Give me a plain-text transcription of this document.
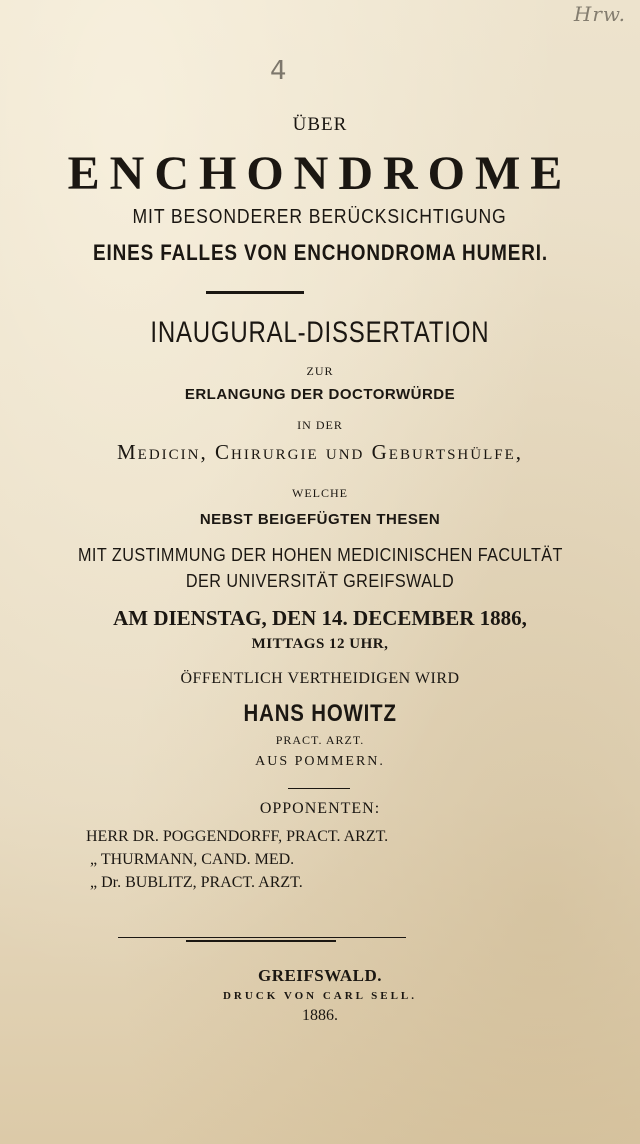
Hrw.
4
ÜBER
ENCHONDROME
MIT BESONDERER BERÜCKSICHTIGUNG
EINES FALLES VON ENCHONDROMA HUMERI.
INAUGURAL-DISSERTATION
ZUR
ERLANGUNG DER DOCTORWÜRDE
IN DER
Medicin, Chirurgie und Geburtshülfe,
WELCHE
NEBST BEIGEFÜGTEN THESEN
MIT ZUSTIMMUNG DER HOHEN MEDICINISCHEN FACULTÄT
DER UNIVERSITÄT GREIFSWALD
AM DIENSTAG, DEN 14. DECEMBER 1886,
MITTAGS 12 UHR,
ÖFFENTLICH VERTHEIDIGEN WIRD
HANS HOWITZ
PRACT. ARZT.
AUS POMMERN.
OPPONENTEN:
HERR DR. POGGENDORFF, PRACT. ARZT.
„ THURMANN, CAND. MED.
„ Dr. BUBLITZ, PRACT. ARZT.
GREIFSWALD.
DRUCK VON CARL SELL.
1886.
